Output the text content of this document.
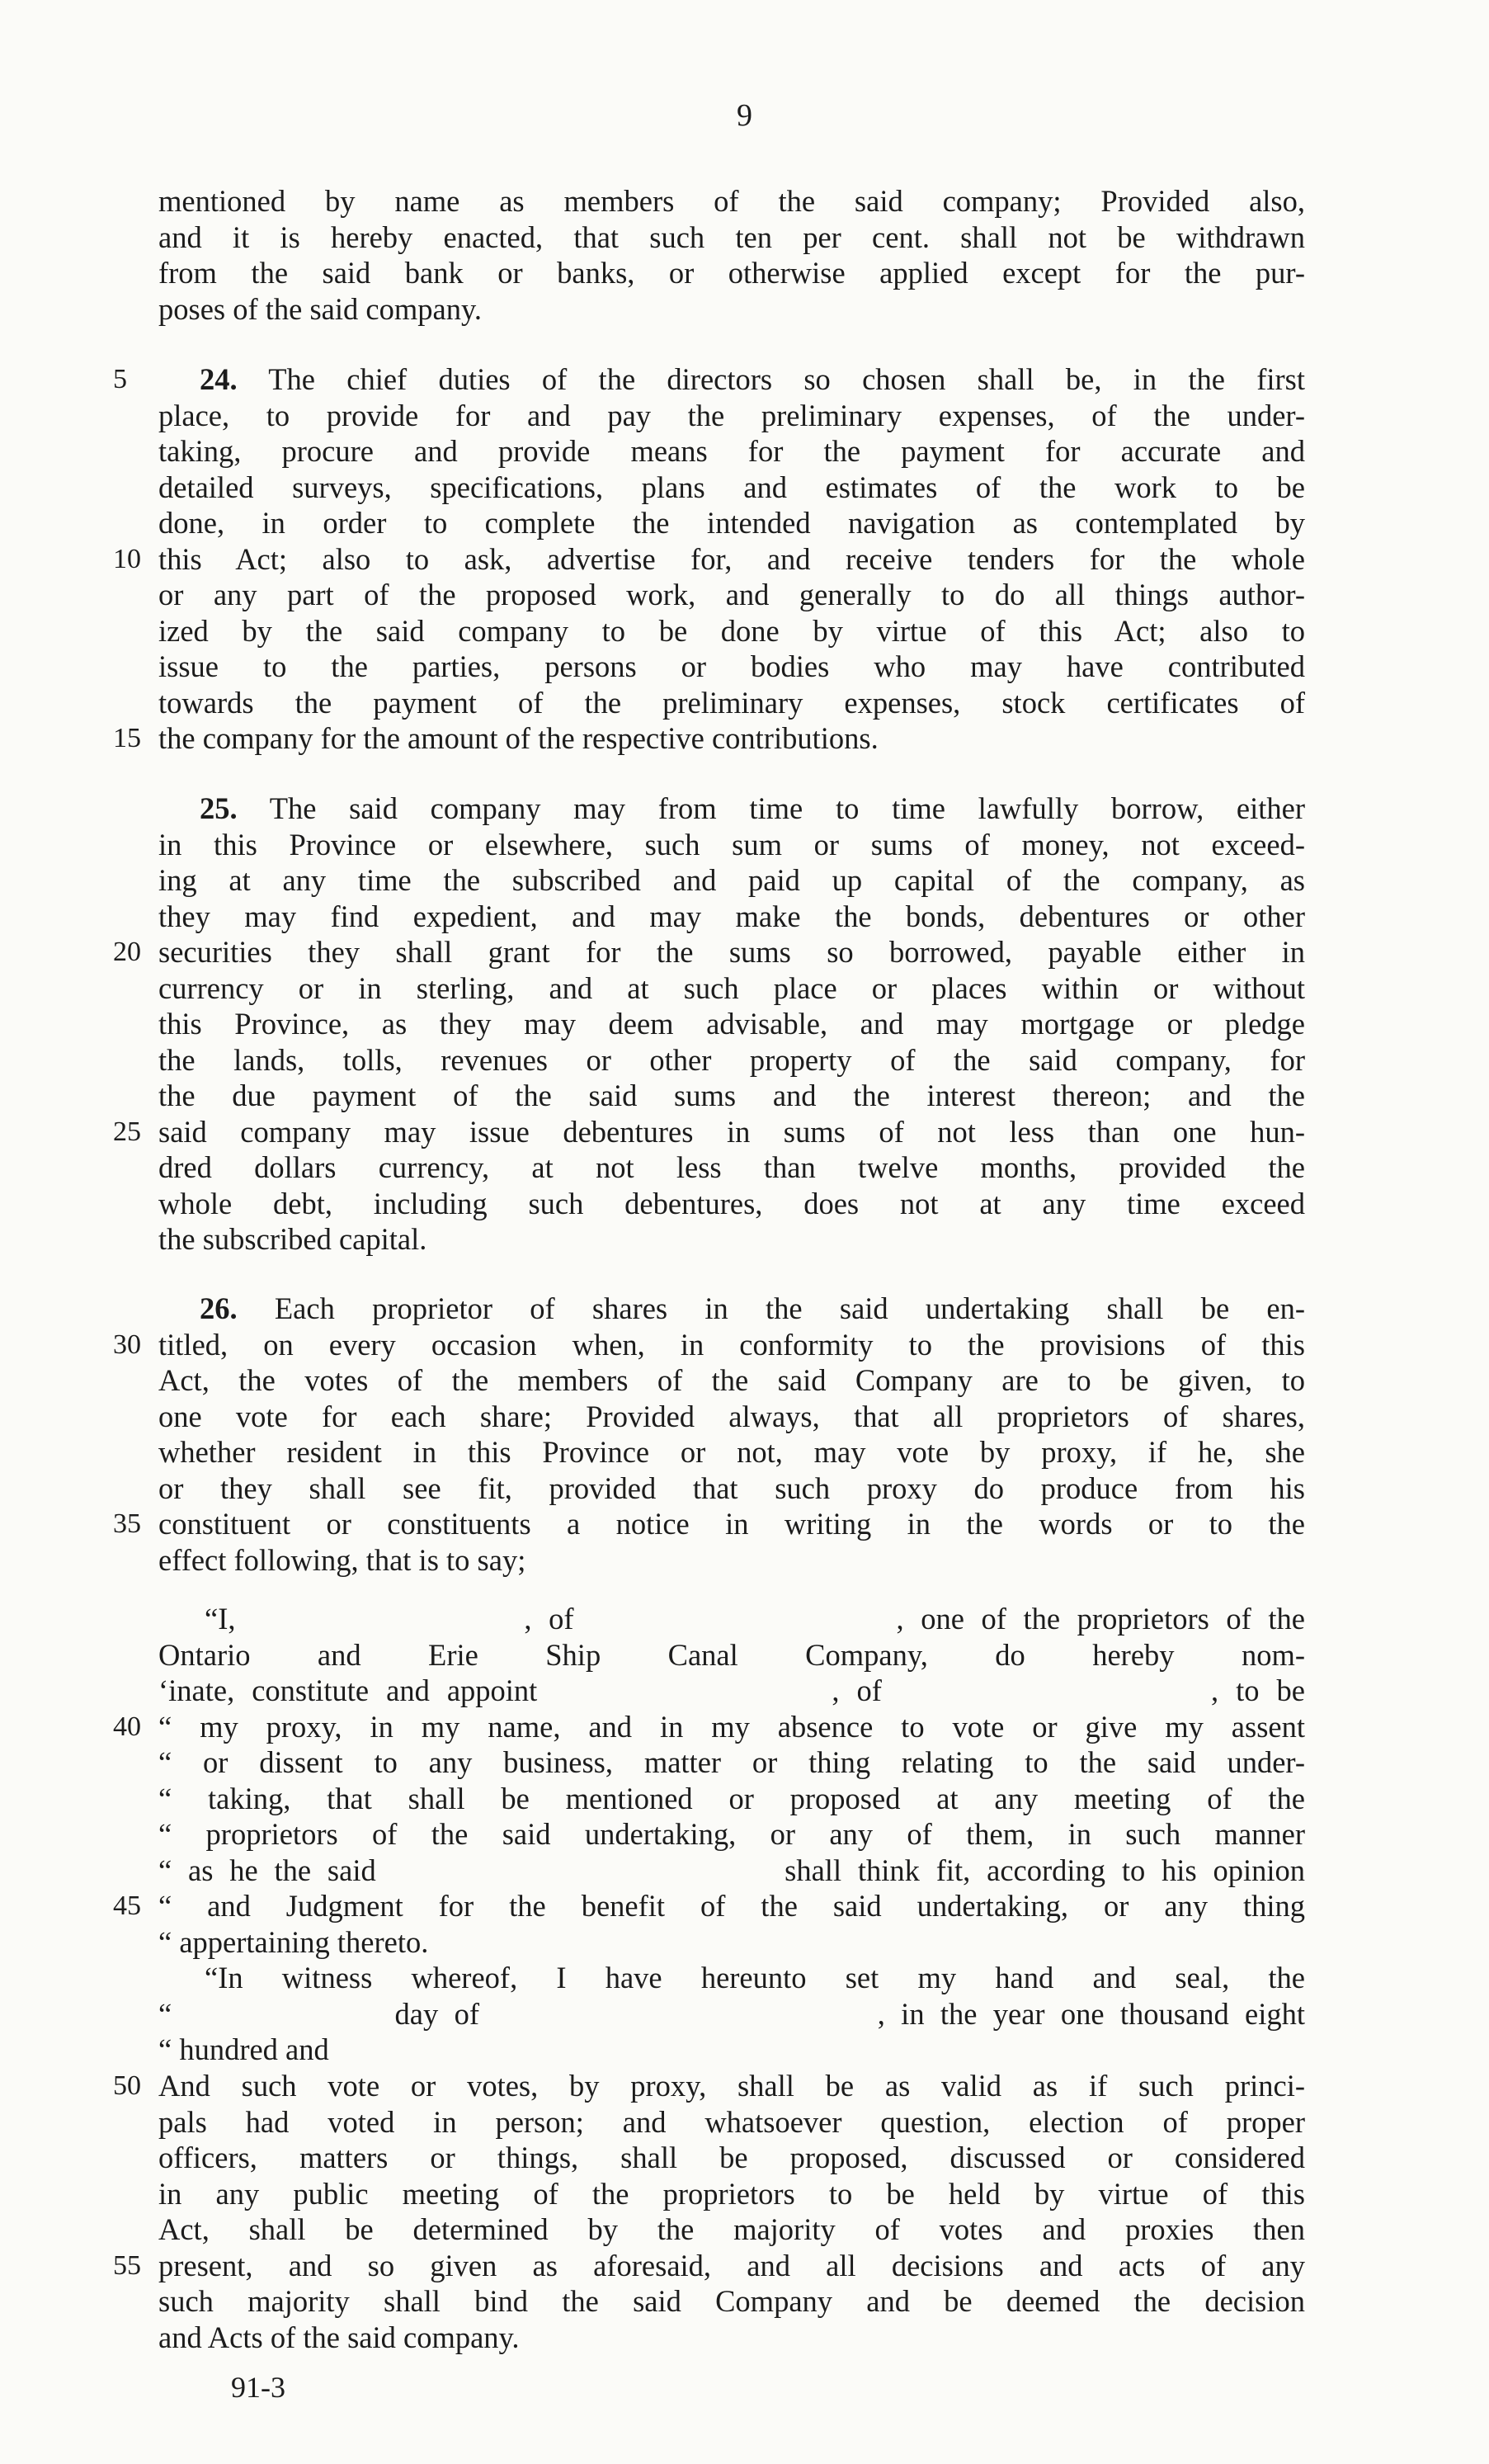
9
mentioned by name as members of the said company; Provided also,
and it is hereby enacted, that such ten per cent. shall not be withdrawn
from the said bank or banks, or otherwise applied except for the pur-
poses of the said company.
5	24. The chief duties of the directors so chosen shall be, in the first
place, to provide for and pay the preliminary expenses, of the under-
taking, procure and provide means for the payment for accurate and
detailed surveys, specifications, plans and estimates of the work to be
done, in order to complete the intended navigation as contemplated by
10 this Act; also to ask, advertise for, and receive tenders for the whole
or any part of the proposed work, and generally to do all things author-
ized by the said company to be done by virtue of this Act; also to
issue to the parties, persons or bodies who may have contributed
towards the payment of the preliminary expenses, stock certificates of
15 the company for the amount of the respective contributions.
25. The said company may from time to time lawfully borrow, either
in this Province or elsewhere, such sum or sums of money, not exceed-
ing at any time the subscribed and paid up capital of the company, as
they may find expedient, and may make the bonds, debentures or other
20 securities they shall grant for the sums so borrowed, payable either in
currency or in sterling, and at such place or places within or without
this Province, as they may deem advisable, and may mortgage or pledge
the lands, tolls, revenues or other property of the said company, for
the due payment of the said sums and the interest thereon; and the
25 said company may issue debentures in sums of not less than one hun-
dred dollars currency, at not less than twelve months, provided the
whole debt, including such debentures, does not at any time exceed
the subscribed capital.
26. Each proprietor of shares in the said undertaking shall be en-
30 titled, on every occasion when, in conformity to the provisions of this
Act, the votes of the members of the said Company are to be given, to
one vote for each share; Provided always, that all proprietors of shares,
whether resident in this Province or not, may vote by proxy, if he, she
or they shall see fit, provided that such proxy do produce from his
35 constituent or constituents a notice in writing in the words or to the
effect following, that is to say;
“I,                 , of                   , one of the proprietors of the
Ontario and Erie Ship Canal Company, do hereby nom-
‘inate, constitute and appoint                 , of                   , to be
40 “ my proxy, in my name, and in my absence to vote or give my assent
“ or dissent to any business, matter or thing relating to the said under-
“ taking, that shall be mentioned or proposed at any meeting of the
“ proprietors of the said undertaking, or any of them, in such manner
“ as he the said                         shall think fit, according to his opinion
45 “ and Judgment for the benefit of the said undertaking, or any thing
“ appertaining thereto.
“In witness whereof, I have hereunto set my hand and seal, the
“              day of                         , in the year one thousand eight
“ hundred and
50 And such vote or votes, by proxy, shall be as valid as if such princi-
pals had voted in person; and whatsoever question, election of proper
officers, matters or things, shall be proposed, discussed or considered
in any public meeting of the proprietors to be held by virtue of this
Act, shall be determined by the majority of votes and proxies then
55 present, and so given as aforesaid, and all decisions and acts of any
such majority shall bind the said Company and be deemed the decision
and Acts of the said company.
91-3
